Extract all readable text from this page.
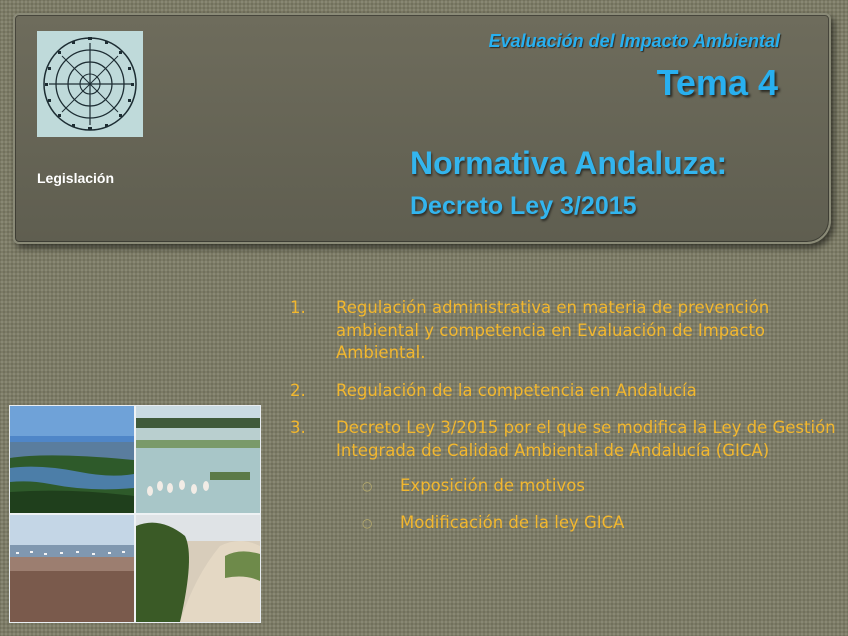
Legislación
Evaluación del Impacto Ambiental
Tema 4
Normativa Andaluza:
Decreto Ley 3/2015
1. Regulación administrativa en materia de prevención ambiental y competencia en Evaluación de Impacto Ambiental.
2. Regulación de la competencia en Andalucía
3. Decreto Ley 3/2015 por el que se modifica la Ley de Gestión Integrada de Calidad Ambiental de Andalucía (GICA)
○ Exposición de motivos
○ Modificación de la ley GICA
